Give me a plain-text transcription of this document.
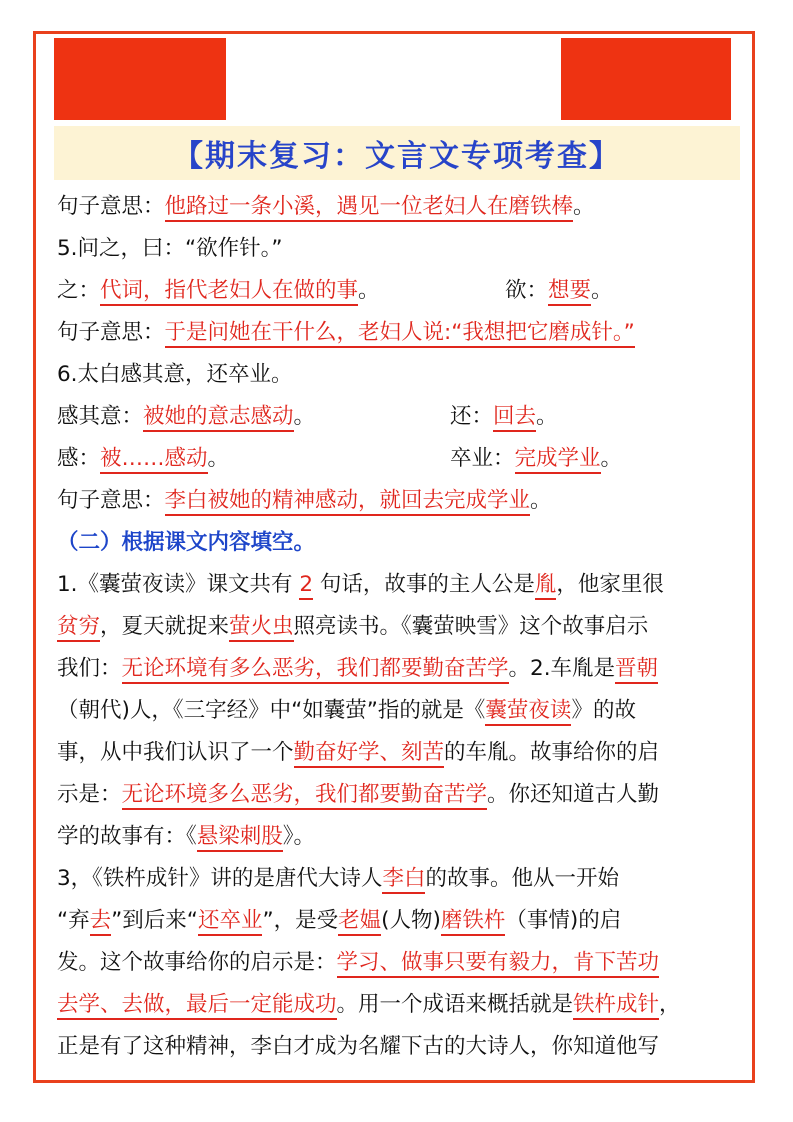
【期末复习：文言文专项考查】
句子意思：他路过一条小溪，遇见一位老妇人在磨铁棒。
5.问之，曰：“欲作针。”
之：代词，指代老妇人在做的事。	欲：想要。
句子意思：于是问她在干什么，老妇人说:“我想把它磨成针。”
6.太白感其意，还卒业。
感其意：被她的意志感动。	还：回去。
感：被……感动。	卒业：完成学业。
句子意思：李白被她的精神感动，就回去完成学业。
（二）根据课文内容填空。
1.《囊萤夜读》课文共有 2 句话，故事的主人公是胤，他家里很
贫穷，夏天就捉来萤火虫照亮读书。《囊萤映雪》这个故事启示
我们：无论环境有多么恶劣，我们都要勤奋苦学。2.车胤是晋朝
（朝代)人，《三字经》中“如囊萤”指的就是《囊萤夜读》的故
事，从中我们认识了一个勤奋好学、刻苦的车胤。故事给你的启
示是：无论环境多么恶劣，我们都要勤奋苦学。你还知道古人勤
学的故事有：《悬梁刺股》。
3，《铁杵成针》讲的是唐代大诗人李白的故事。他从一开始
“弃去”到后来“还卒业”，是受老媪(人物)磨铁杵（事情)的启
发。这个故事给你的启示是：学习、做事只要有毅力，肯下苦功
去学、去做，最后一定能成功。用一个成语来概括就是铁杵成针，
正是有了这种精神，李白才成为名耀下古的大诗人，你知道他写
